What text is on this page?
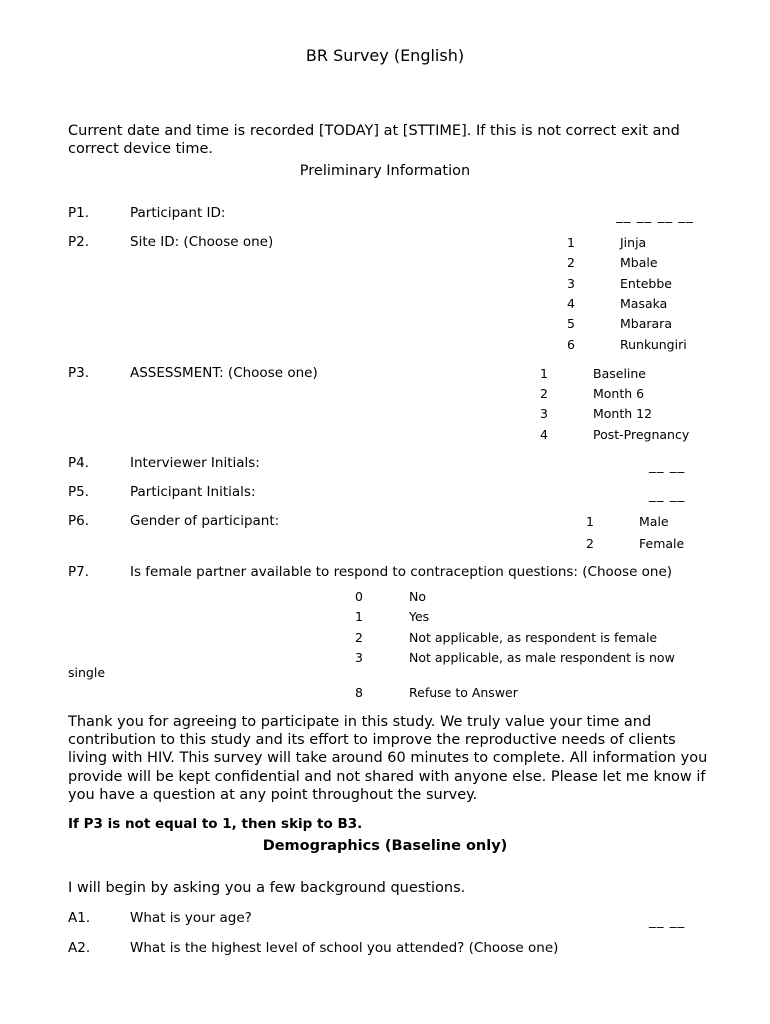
BR Survey (English)
Current date and time is recorded [TODAY] at [STTIME]. If this is not correct exit and correct device time.
Preliminary Information
P1.	Participant ID:	__ __ __ __
P2.	Site ID: (Choose one)	1	Jinja
2	Mbale
3	Entebbe
4	Masaka
5	Mbarara
6	Runkungiri
P3.	ASSESSMENT: (Choose one)	1	Baseline
2	Month 6
3	Month 12
4	Post-Pregnancy
P4.	Interviewer Initials:	__ __
P5.	Participant Initials:	__ __
P6.	Gender of participant:	1	Male
2	Female
P7.	Is female partner available to respond to contraception questions: (Choose one)
0	No
1	Yes
2	Not applicable, as respondent is female
3	Not applicable, as male respondent is now
single
8	Refuse to Answer
Thank you for agreeing to participate in this study. We truly value your time and contribution to this study and its effort to improve the reproductive needs of clients living with HIV. This survey will take around 60 minutes to complete. All information you provide will be kept confidential and not shared with anyone else. Please let me know if you have a question at any point throughout the survey.
If P3 is not equal to 1, then skip to B3.
Demographics (Baseline only)
I will begin by asking you a few background questions.
A1.	What is your age?	__ __
A2.	What is the highest level of school you attended? (Choose one)
